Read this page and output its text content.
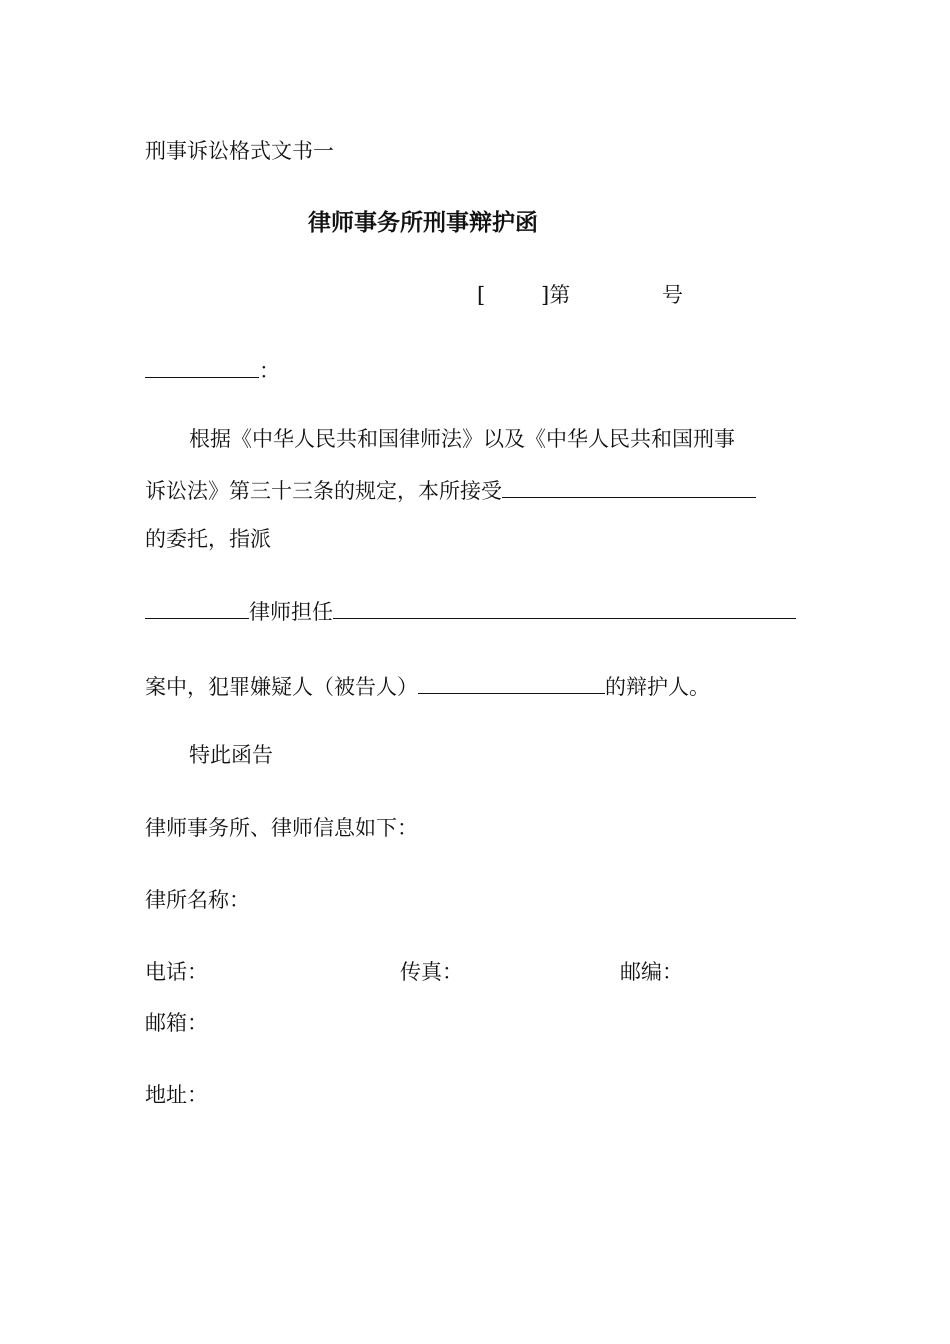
刑事诉讼格式文书一
律师事务所刑事辩护函
[	]第	号
：
根据《中华人民共和国律师法》以及《中华人民共和国刑事
诉讼法》第三十三条的规定，本所接受
的委托，指派
律师担任
案中，犯罪嫌疑人（被告人）	的辩护人。
特此函告
律师事务所、律师信息如下：
律所名称：
电话：	传真：	邮编：
邮箱：
地址：
